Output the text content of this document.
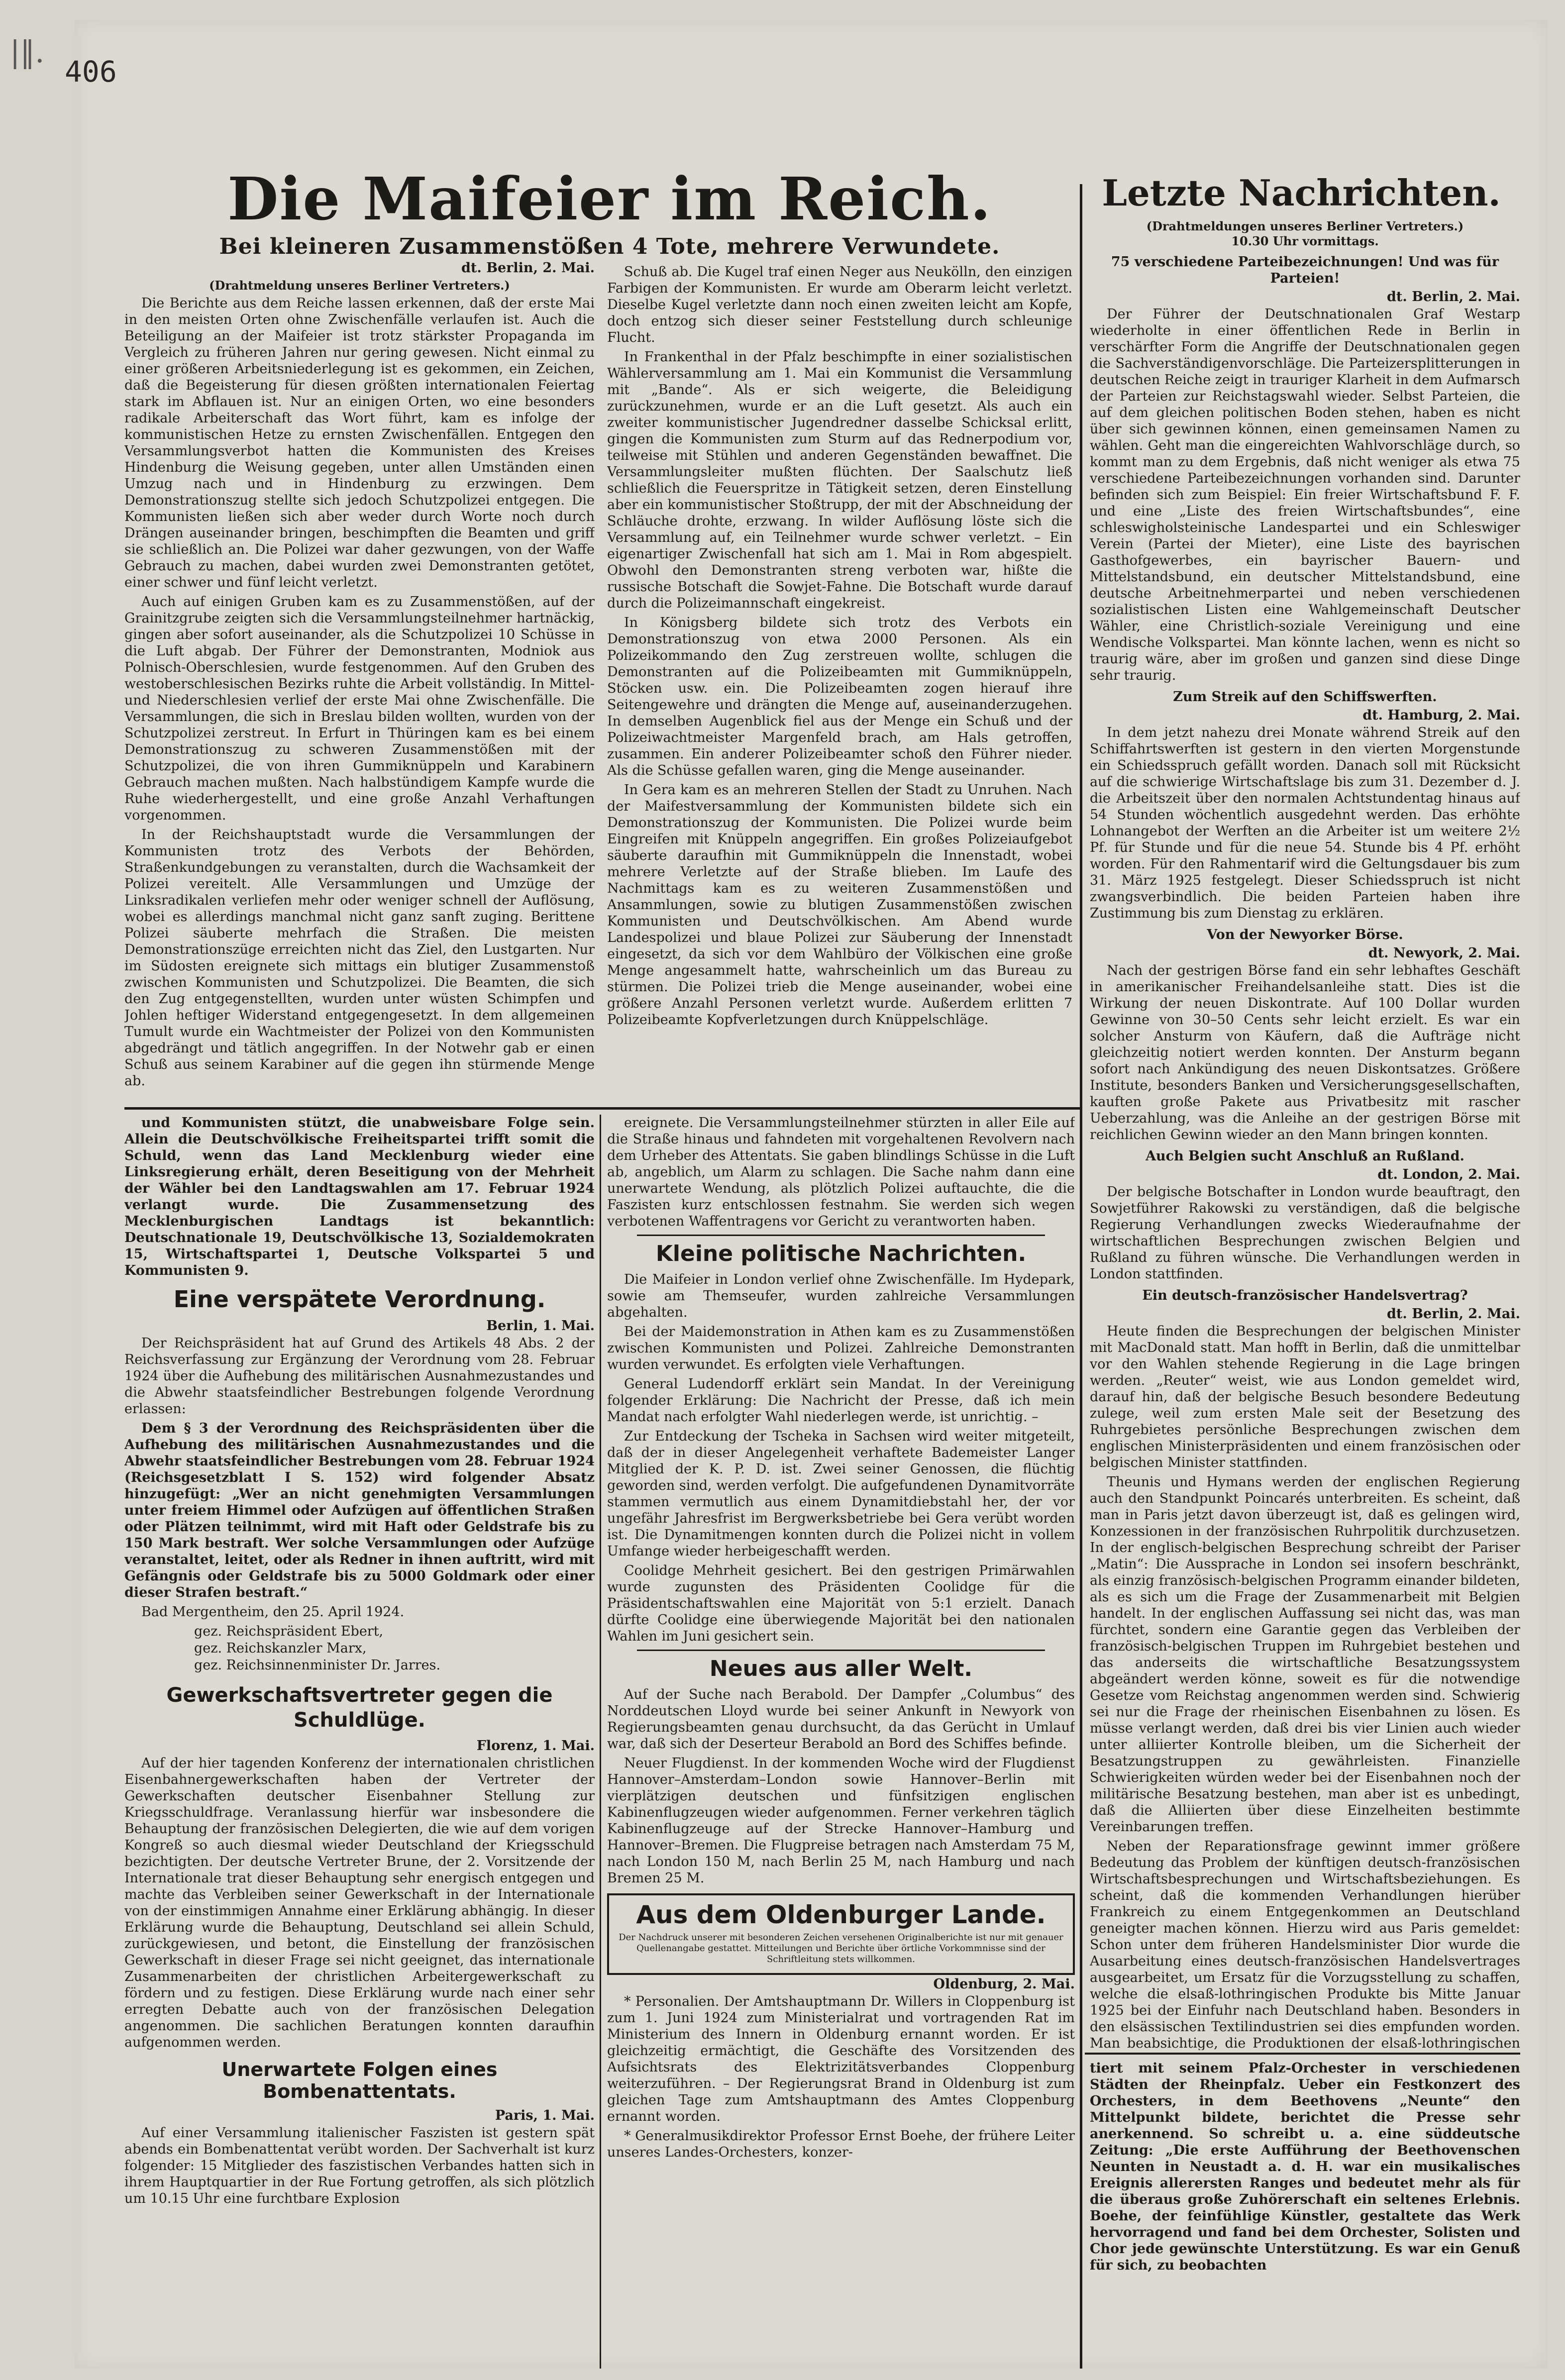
|‖.
406
Die Maifeier im Reich.
Bei kleineren Zusammenstößen 4 Tote, mehrere Verwundete.
dt. Berlin, 2. Mai.
(Drahtmeldung unseres Berliner Vertreters.)

Die Berichte aus dem Reiche lassen erkennen, daß der erste Mai in den meisten Orten ohne Zwischenfälle verlaufen ist. Auch die Beteiligung an der Maifeier ist trotz stärkster Propaganda im Vergleich zu früheren Jahren nur gering gewesen. Nicht einmal zu einer größeren Arbeitsniederlegung ist es gekommen, ein Zeichen, daß die Begeisterung für diesen größten internationalen Feiertag stark im Abflauen ist. Nur an einigen Orten, wo eine besonders radikale Arbeiterschaft das Wort führt, kam es infolge der kommunistischen Hetze zu ernsten Zwischenfällen. Entgegen den Versammlungsverbot hatten die Kommunisten des Kreises Hindenburg die Weisung gegeben, unter allen Umständen einen Umzug nach und in Hindenburg zu erzwingen. Dem Demonstrationszug stellte sich jedoch Schutzpolizei entgegen. Die Kommunisten ließen sich aber weder durch Worte noch durch Drängen auseinander bringen, beschimpften die Beamten und griff sie schließlich an. Die Polizei war daher gezwungen, von der Waffe Gebrauch zu machen, dabei wurden zwei Demonstranten getötet, einer schwer und fünf leicht verletzt.

Auch auf einigen Gruben kam es zu Zusammenstößen, auf der Grainitzgrube zeigten sich die Versammlungsteilnehmer hartnäckig, gingen aber sofort auseinander, als die Schutzpolizei 10 Schüsse in die Luft abgab. Der Führer der Demonstranten, Modniok aus Polnisch-Oberschlesien, wurde festgenommen. Auf den Gruben des westoberschlesischen Bezirks ruhte die Arbeit vollständig. In Mittel- und Niederschlesien verlief der erste Mai ohne Zwischenfälle. Die Versammlungen, die sich in Breslau bilden wollten, wurden von der Schutzpolizei zerstreut. In Erfurt in Thüringen kam es bei einem Demonstrationszug zu schweren Zusammenstößen mit der Schutzpolizei, die von ihren Gummiknüppeln und Karabinern Gebrauch machen mußten. Nach halbstündigem Kampfe wurde die Ruhe wiederhergestellt, und eine große Anzahl Verhaftungen vorgenommen.

In der Reichshauptstadt wurde die Versammlungen der Kommunisten trotz des Verbots der Behörden, Straßenkundgebungen zu veranstalten, durch die Wachsamkeit der Polizei vereitelt. Alle Versammlungen und Umzüge der Linksradikalen verliefen mehr oder weniger schnell der Auflösung, wobei es allerdings manchmal nicht ganz sanft zuging. Berittene Polizei säuberte mehrfach die Straßen. Die meisten Demonstrationszüge erreichten nicht das Ziel, den Lustgarten. Nur im Südosten ereignete sich mittags ein blutiger Zusammenstoß zwischen Kommunisten und Schutzpolizei. Die Beamten, die sich den Zug entgegenstellten, wurden unter wüsten Schimpfen und Johlen heftiger Widerstand entgegengesetzt. In dem allgemeinen Tumult wurde ein Wachtmeister der Polizei von den Kommunisten abgedrängt und tätlich angegriffen. In der Notwehr gab er einen Schuß aus seinem Karabiner auf die gegen ihn stürmende Menge ab.

Schuß ab. Die Kugel traf einen Neger aus Neukölln, den einzigen Farbigen der Kommunisten. Er wurde am Oberarm leicht verletzt. Dieselbe Kugel verletzte dann noch einen zweiten leicht am Kopfe, doch entzog sich dieser seiner Feststellung durch schleunige Flucht.

In Frankenthal in der Pfalz beschimpfte in einer sozialistischen Wählerversammlung am 1. Mai ein Kommunist die Versammlung mit „Bande“. Als er sich weigerte, die Beleidigung zurückzunehmen, wurde er an die Luft gesetzt. Als auch ein zweiter kommunistischer Jugendredner dasselbe Schicksal erlitt, gingen die Kommunisten zum Sturm auf das Rednerpodium vor, teilweise mit Stühlen und anderen Gegenständen bewaffnet. Die Versammlungsleiter mußten flüchten. Der Saalschutz ließ schließlich die Feuerspritze in Tätigkeit setzen, deren Einstellung aber ein kommunistischer Stoßtrupp, der mit der Abschneidung der Schläuche drohte, erzwang. In wilder Auflösung löste sich die Versammlung auf, ein Teilnehmer wurde schwer verletzt. – Ein eigenartiger Zwischenfall hat sich am 1. Mai in Rom abgespielt. Obwohl den Demonstranten streng verboten war, hißte die russische Botschaft die Sowjet-Fahne. Die Botschaft wurde darauf durch die Polizeimannschaft eingekreist.

In Königsberg bildete sich trotz des Verbots ein Demonstrationszug von etwa 2000 Personen. Als ein Polizeikommando den Zug zerstreuen wollte, schlugen die Demonstranten auf die Polizeibeamten mit Gummiknüppeln, Stöcken usw. ein. Die Polizeibeamten zogen hierauf ihre Seitengewehre und drängten die Menge auf, auseinanderzugehen. In demselben Augenblick fiel aus der Menge ein Schuß und der Polizeiwachtmeister Margenfeld brach, am Hals getroffen, zusammen. Ein anderer Polizeibeamter schoß den Führer nieder. Als die Schüsse gefallen waren, ging die Menge auseinander.

In Gera kam es an mehreren Stellen der Stadt zu Unruhen. Nach der Maifestversammlung der Kommunisten bildete sich ein Demonstrationszug der Kommunisten. Die Polizei wurde beim Eingreifen mit Knüppeln angegriffen. Ein großes Polizeiaufgebot säuberte daraufhin mit Gummiknüppeln die Innenstadt, wobei mehrere Verletzte auf der Straße blieben. Im Laufe des Nachmittags kam es zu weiteren Zusammenstößen und Ansammlungen, sowie zu blutigen Zusammenstößen zwischen Kommunisten und Deutschvölkischen. Am Abend wurde Landespolizei und blaue Polizei zur Säuberung der Innenstadt eingesetzt, da sich vor dem Wahlbüro der Völkischen eine große Menge angesammelt hatte, wahrscheinlich um das Bureau zu stürmen. Die Polizei trieb die Menge auseinander, wobei eine größere Anzahl Personen verletzt wurde. Außerdem erlitten 7 Polizeibeamte Kopfverletzungen durch Knüppelschläge.

und Kommunisten stützt, die unabweisbare Folge sein. Allein die Deutschvölkische Freiheitspartei trifft somit die Schuld, wenn das Land Mecklenburg wieder eine Linksregierung erhält, deren Beseitigung von der Mehrheit der Wähler bei den Landtagswahlen am 17. Februar 1924 verlangt wurde. Die Zusammensetzung des Mecklenburgischen Landtags ist bekanntlich: Deutschnationale 19, Deutschvölkische 13, Sozialdemokraten 15, Wirtschaftspartei 1, Deutsche Volkspartei 5 und Kommunisten 9.

Eine verspätete Verordnung.
Berlin, 1. Mai.

Der Reichspräsident hat auf Grund des Artikels 48 Abs. 2 der Reichsverfassung zur Ergänzung der Verordnung vom 28. Februar 1924 über die Aufhebung des militärischen Ausnahmezustandes und die Abwehr staatsfeindlicher Bestrebungen folgende Verordnung erlassen:

Dem § 3 der Verordnung des Reichspräsidenten über die Aufhebung des militärischen Ausnahmezustandes und die Abwehr staatsfeindlicher Bestrebungen vom 28. Februar 1924 (Reichsgesetzblatt I S. 152) wird folgender Absatz hinzugefügt: „Wer an nicht genehmigten Versammlungen unter freiem Himmel oder Aufzügen auf öffentlichen Straßen oder Plätzen teilnimmt, wird mit Haft oder Geldstrafe bis zu 150 Mark bestraft. Wer solche Versammlungen oder Aufzüge veranstaltet, leitet, oder als Redner in ihnen auftritt, wird mit Gefängnis oder Geldstrafe bis zu 5000 Goldmark oder einer dieser Strafen bestraft.“

Bad Mergentheim, den 25. April 1924.

gez. Reichspräsident Ebert,
gez. Reichskanzler Marx,
gez. Reichsinnenminister Dr. Jarres.
Gewerkschaftsvertreter gegen die Schuldlüge.
Florenz, 1. Mai.

Auf der hier tagenden Konferenz der internationalen christlichen Eisenbahnergewerkschaften haben der Vertreter der Gewerkschaften deutscher Eisenbahner Stellung zur Kriegsschuldfrage. Veranlassung hierfür war insbesondere die Behauptung der französischen Delegierten, die wie auf dem vorigen Kongreß so auch diesmal wieder Deutschland der Kriegsschuld bezichtigten. Der deutsche Vertreter Brune, der 2. Vorsitzende der Internationale trat dieser Behauptung sehr energisch entgegen und machte das Verbleiben seiner Gewerkschaft in der Internationale von der einstimmigen Annahme einer Erklärung abhängig. In dieser Erklärung wurde die Behauptung, Deutschland sei allein Schuld, zurückgewiesen, und betont, die Einstellung der französischen Gewerkschaft in dieser Frage sei nicht geeignet, das internationale Zusammenarbeiten der christlichen Arbeitergewerkschaft zu fördern und zu festigen. Diese Erklärung wurde nach einer sehr erregten Debatte auch von der französischen Delegation angenommen. Die sachlichen Beratungen konnten daraufhin aufgenommen werden.

Unerwartete Folgen eines Bombenattentats.
Paris, 1. Mai.

Auf einer Versammlung italienischer Faszisten ist gestern spät abends ein Bombenattentat verübt worden. Der Sachverhalt ist kurz folgender: 15 Mitglieder des faszistischen Verbandes hatten sich in ihrem Hauptquartier in der Rue Fortung getroffen, als sich plötzlich um 10.15 Uhr eine furchtbare Explosion

ereignete. Die Versammlungsteilnehmer stürzten in aller Eile auf die Straße hinaus und fahndeten mit vorgehaltenen Revolvern nach dem Urheber des Attentats. Sie gaben blindlings Schüsse in die Luft ab, angeblich, um Alarm zu schlagen. Die Sache nahm dann eine unerwartete Wendung, als plötzlich Polizei auftauchte, die die Faszisten kurz entschlossen festnahm. Sie werden sich wegen verbotenen Waffentragens vor Gericht zu verantworten haben.

Kleine politische Nachrichten.

Die Maifeier in London verlief ohne Zwischenfälle. Im Hydepark, sowie am Themseufer, wurden zahlreiche Versammlungen abgehalten.

Bei der Maidemonstration in Athen kam es zu Zusammenstößen zwischen Kommunisten und Polizei. Zahlreiche Demonstranten wurden verwundet. Es erfolgten viele Verhaftungen.

General Ludendorff erklärt sein Mandat. In der Vereinigung folgender Erklärung: Die Nachricht der Presse, daß ich mein Mandat nach erfolgter Wahl niederlegen werde, ist unrichtig. –

Zur Entdeckung der Tscheka in Sachsen wird weiter mitgeteilt, daß der in dieser Angelegenheit verhaftete Bademeister Langer Mitglied der K. P. D. ist. Zwei seiner Genossen, die flüchtig geworden sind, werden verfolgt. Die aufgefundenen Dynamitvorräte stammen vermutlich aus einem Dynamitdiebstahl her, der vor ungefähr Jahresfrist im Bergwerksbetriebe bei Gera verübt worden ist. Die Dynamitmengen konnten durch die Polizei nicht in vollem Umfange wieder herbeigeschafft werden.

Coolidge Mehrheit gesichert. Bei den gestrigen Primärwahlen wurde zugunsten des Präsidenten Coolidge für die Präsidentschaftswahlen eine Majorität von 5:1 erzielt. Danach dürfte Coolidge eine überwiegende Majorität bei den nationalen Wahlen im Juni gesichert sein.

Neues aus aller Welt.

Auf der Suche nach Berabold. Der Dampfer „Columbus“ des Norddeutschen Lloyd wurde bei seiner Ankunft in Newyork von Regierungsbeamten genau durchsucht, da das Gerücht in Umlauf war, daß sich der Deserteur Berabold an Bord des Schiffes befinde.

Neuer Flugdienst. In der kommenden Woche wird der Flugdienst Hannover–Amsterdam–London sowie Hannover–Berlin mit vierplätzigen deutschen und fünfsitzigen englischen Kabinenflugzeugen wieder aufgenommen. Ferner verkehren täglich Kabinenflugzeuge auf der Strecke Hannover–Hamburg und Hannover–Bremen. Die Flugpreise betragen nach Amsterdam 75 M, nach London 150 M, nach Berlin 25 M, nach Hamburg und nach Bremen 25 M.

Aus dem Oldenburger Lande.

Der Nachdruck unserer mit besonderen Zeichen versehenen Originalberichte ist nur mit genauer Quellenangabe gestattet. Mitteilungen und Berichte über örtliche Vorkommnisse sind der Schriftleitung stets willkommen.

Oldenburg, 2. Mai.

* Personalien. Der Amtshauptmann Dr. Willers in Cloppenburg ist zum 1. Juni 1924 zum Ministerialrat und vortragenden Rat im Ministerium des Innern in Oldenburg ernannt worden. Er ist gleichzeitig ermächtigt, die Geschäfte des Vorsitzenden des Aufsichtsrats des Elektrizitätsverbandes Cloppenburg weiterzuführen. – Der Regierungsrat Brand in Oldenburg ist zum gleichen Tage zum Amtshauptmann des Amtes Cloppenburg ernannt worden.

* Generalmusikdirektor Professor Ernst Boehe, der frühere Leiter unseres Landes-Orchesters, konzer-

Letzte Nachrichten.
(Drahtmeldungen unseres Berliner Vertreters.)
10.30 Uhr vormittags.
75 verschiedene Parteibezeichnungen! Und was für Parteien!
dt. Berlin, 2. Mai.

Der Führer der Deutschnationalen Graf Westarp wiederholte in einer öffentlichen Rede in Berlin in verschärfter Form die Angriffe der Deutschnationalen gegen die Sachverständigenvorschläge. Die Parteizersplitterungen in deutschen Reiche zeigt in trauriger Klarheit in dem Aufmarsch der Parteien zur Reichstagswahl wieder. Selbst Parteien, die auf dem gleichen politischen Boden stehen, haben es nicht über sich gewinnen können, einen gemeinsamen Namen zu wählen. Geht man die eingereichten Wahlvorschläge durch, so kommt man zu dem Ergebnis, daß nicht weniger als etwa 75 verschiedene Parteibezeichnungen vorhanden sind. Darunter befinden sich zum Beispiel: Ein freier Wirtschaftsbund F. F. und eine „Liste des freien Wirtschaftsbundes“, eine schleswigholsteinische Landespartei und ein Schleswiger Verein (Partei der Mieter), eine Liste des bayrischen Gasthofgewerbes, ein bayrischer Bauern- und Mittelstandsbund, ein deutscher Mittelstandsbund, eine deutsche Arbeitnehmerpartei und neben verschiedenen sozialistischen Listen eine Wahlgemeinschaft Deutscher Wähler, eine Christlich-soziale Vereinigung und eine Wendische Volkspartei. Man könnte lachen, wenn es nicht so traurig wäre, aber im großen und ganzen sind diese Dinge sehr traurig.

Zum Streik auf den Schiffswerften.
dt. Hamburg, 2. Mai.

In dem jetzt nahezu drei Monate während Streik auf den Schiffahrtswerften ist gestern in den vierten Morgenstunde ein Schiedsspruch gefällt worden. Danach soll mit Rücksicht auf die schwierige Wirtschaftslage bis zum 31. Dezember d. J. die Arbeitszeit über den normalen Achtstundentag hinaus auf 54 Stunden wöchentlich ausgedehnt werden. Das erhöhte Lohnangebot der Werften an die Arbeiter ist um weitere 2½ Pf. für Stunde und für die neue 54. Stunde bis 4 Pf. erhöht worden. Für den Rahmentarif wird die Geltungsdauer bis zum 31. März 1925 festgelegt. Dieser Schiedsspruch ist nicht zwangsverbindlich. Die beiden Parteien haben ihre Zustimmung bis zum Dienstag zu erklären.

Von der Newyorker Börse.
dt. Newyork, 2. Mai.

Nach der gestrigen Börse fand ein sehr lebhaftes Geschäft in amerikanischer Freihandelsanleihe statt. Dies ist die Wirkung der neuen Diskontrate. Auf 100 Dollar wurden Gewinne von 30–50 Cents sehr leicht erzielt. Es war ein solcher Ansturm von Käufern, daß die Aufträge nicht gleichzeitig notiert werden konnten. Der Ansturm begann sofort nach Ankündigung des neuen Diskontsatzes. Größere Institute, besonders Banken und Versicherungsgesellschaften, kauften große Pakete aus Privatbesitz mit rascher Ueberzahlung, was die Anleihe an der gestrigen Börse mit reichlichen Gewinn wieder an den Mann bringen konnten.

Auch Belgien sucht Anschluß an Rußland.
dt. London, 2. Mai.

Der belgische Botschafter in London wurde beauftragt, den Sowjetführer Rakowski zu verständigen, daß die belgische Regierung Verhandlungen zwecks Wiederaufnahme der wirtschaftlichen Besprechungen zwischen Belgien und Rußland zu führen wünsche. Die Verhandlungen werden in London stattfinden.

Ein deutsch-französischer Handelsvertrag?
dt. Berlin, 2. Mai.

Heute finden die Besprechungen der belgischen Minister mit MacDonald statt. Man hofft in Berlin, daß die unmittelbar vor den Wahlen stehende Regierung in die Lage bringen werden. „Reuter“ weist, wie aus London gemeldet wird, darauf hin, daß der belgische Besuch besondere Bedeutung zulege, weil zum ersten Male seit der Besetzung des Ruhrgebietes persönliche Besprechungen zwischen dem englischen Ministerpräsidenten und einem französischen oder belgischen Minister stattfinden.

Theunis und Hymans werden der englischen Regierung auch den Standpunkt Poincarés unterbreiten. Es scheint, daß man in Paris jetzt davon überzeugt ist, daß es gelingen wird, Konzessionen in der französischen Ruhrpolitik durchzusetzen. In der englisch-belgischen Besprechung schreibt der Pariser „Matin“: Die Aussprache in London sei insofern beschränkt, als einzig französisch-belgischen Programm einander bildeten, als es sich um die Frage der Zusammenarbeit mit Belgien handelt. In der englischen Auffassung sei nicht das, was man fürchtet, sondern eine Garantie gegen das Verbleiben der französisch-belgischen Truppen im Ruhrgebiet bestehen und das anderseits die wirtschaftliche Besatzungssystem abgeändert werden könne, soweit es für die notwendige Gesetze vom Reichstag angenommen werden sind. Schwierig sei nur die Frage der rheinischen Eisenbahnen zu lösen. Es müsse verlangt werden, daß drei bis vier Linien auch wieder unter alliierter Kontrolle bleiben, um die Sicherheit der Besatzungstruppen zu gewährleisten. Finanzielle Schwierigkeiten würden weder bei der Eisenbahnen noch der militärische Besatzung bestehen, man aber ist es unbedingt, daß die Alliierten über diese Einzelheiten bestimmte Vereinbarungen treffen.

Neben der Reparationsfrage gewinnt immer größere Bedeutung das Problem der künftigen deutsch-französischen Wirtschaftsbesprechungen und Wirtschaftsbeziehungen. Es scheint, daß die kommenden Verhandlungen hierüber Frankreich zu einem Entgegenkommen an Deutschland geneigter machen können. Hierzu wird aus Paris gemeldet: Schon unter dem früheren Handelsminister Dior wurde die Ausarbeitung eines deutsch-französischen Handelsvertrages ausgearbeitet, um Ersatz für die Vorzugsstellung zu schaffen, welche die elsaß-lothringischen Produkte bis Mitte Januar 1925 bei der Einfuhr nach Deutschland haben. Besonders in den elsässischen Textilindustrien sei dies empfunden worden. Man beabsichtige, die Produktionen der elsaß-lothringischen

tiert mit seinem Pfalz-Orchester in verschiedenen Städten der Rheinpfalz. Ueber ein Festkonzert des Orchesters, in dem Beethovens „Neunte“ den Mittelpunkt bildete, berichtet die Presse sehr anerkennend. So schreibt u. a. eine süddeutsche Zeitung: „Die erste Aufführung der Beethovenschen Neunten in Neustadt a. d. H. war ein musikalisches Ereignis allerersten Ranges und bedeutet mehr als für die überaus große Zuhörerschaft ein seltenes Erlebnis. Boehe, der feinfühlige Künstler, gestaltete das Werk hervorragend und fand bei dem Orchester, Solisten und Chor jede gewünschte Unterstützung. Es war ein Genuß für sich, zu beobachten
